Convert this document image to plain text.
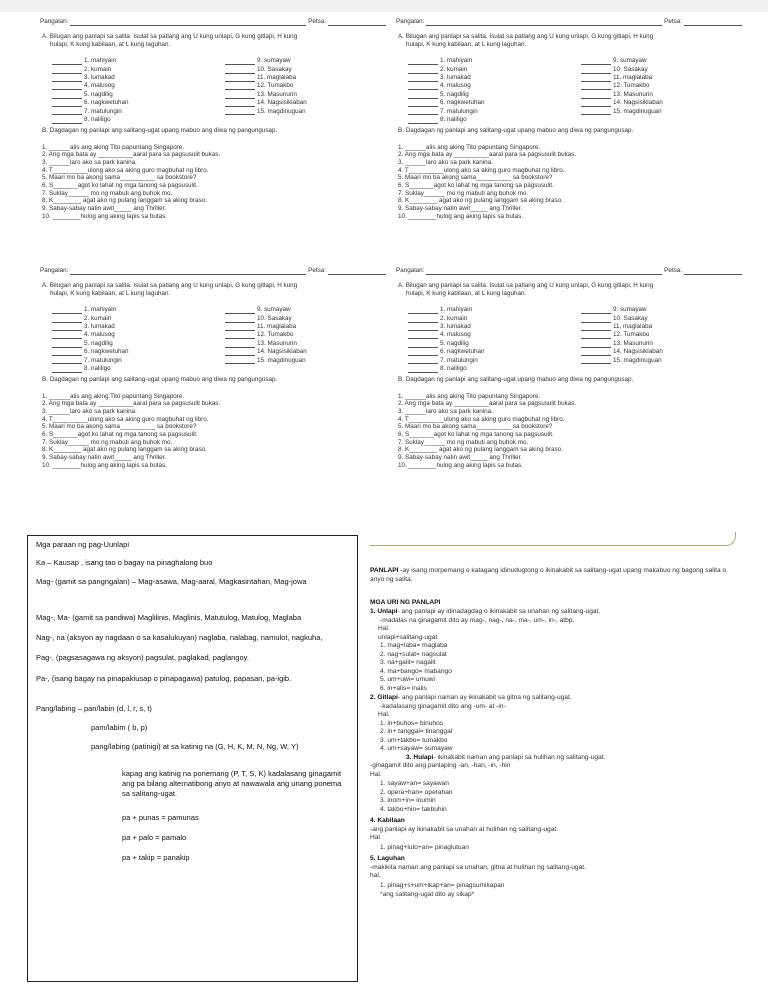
Pangalan:	Petsa:
A. Bilugan ang panlapi sa salita. Isulat sa patlang ang U kung unlapi, G kung gitlapi, H kung
hulapi, K kung kabilaan, at L kung laguhan.
1. mahiyain
2. kumain
3. lumakad
4. malusog
5. nagdilig
6. nagkwetuhan
7. matulungin
8. naliligo
9. sumayaw
10. Sasakay
11. maglalaba
12. Tumakbo
13. Masunurin
14. Nagsisiklaban
15. magdinuguan
B. Dagdagan ng panlapi ang salitang-ugat upang mabuo ang diwa ng pangungusap.
1. ______alis ang aking Tito papuntang Singapore.
2. Ang mga bata ay __________aaral para sa pagsusulit bukas.
3. ______laro ako sa park kanina.
4. T__________ulong ako sa aking guro magbuhat ng libro.
5. Maari mo ba akong sama__________ sa bookstore?
6. S_______agot ko lahat ng mga tanong sa pagsusulit.
7. Suklay______ mo ng mabuti ang buhok mo.
8. K________ agat ako ng pulang langgam sa aking braso.
9. Sabay-sabay natin awit_____ ang Thriller.
10. ________hulog ang aking lapis sa butas.
Pangalan:	Petsa:
A. Bilugan ang panlapi sa salita. Isulat sa patlang ang U kung unlapi, G kung gitlapi, H kung
hulapi, K kung kabilaan, at L kung laguhan.
1. mahiyain
2. kumain
3. lumakad
4. malusog
5. nagdilig
6. nagkwetuhan
7. matulungin
8. naliligo
9. sumayaw
10. Sasakay
11. maglalaba
12. Tumakbo
13. Masunurin
14. Nagsisiklaban
15. magdinuguan
B. Dagdagan ng panlapi ang salitang-ugat upang mabuo ang diwa ng pangungusap.
1. ______alis ang aking Tito papuntang Singapore.
2. Ang mga bata ay __________aaral para sa pagsusulit bukas.
3. ______laro ako sa park kanina.
4. T__________ulong ako sa aking guro magbuhat ng libro.
5. Maari mo ba akong sama__________ sa bookstore?
6. S_______agot ko lahat ng mga tanong sa pagsusulit.
7. Suklay______ mo ng mabuti ang buhok mo.
8. K________ agat ako ng pulang langgam sa aking braso.
9. Sabay-sabay natin awit_____ ang Thriller.
10. ________hulog ang aking lapis sa butas.
Pangalan:	Petsa:
A. Bilugan ang panlapi sa salita. Isulat sa patlang ang U kung unlapi, G kung gitlapi, H kung
hulapi, K kung kabilaan, at L kung laguhan.
1. mahiyain
2. kumain
3. lumakad
4. malusog
5. nagdilig
6. nagkwetuhan
7. matulungin
8. naliligo
9. sumayaw
10. Sasakay
11. maglalaba
12. Tumakbo
13. Masunurin
14. Nagsisiklaban
15. magdinuguan
B. Dagdagan ng panlapi ang salitang-ugat upang mabuo ang diwa ng pangungusap.
1. ______alis ang aking Tito papuntang Singapore.
2. Ang mga bata ay __________aaral para sa pagsusulit bukas.
3. ______laro ako sa park kanina.
4. T__________ulong ako sa aking guro magbuhat ng libro.
5. Maari mo ba akong sama__________ sa bookstore?
6. S_______agot ko lahat ng mga tanong sa pagsusulit.
7. Suklay______ mo ng mabuti ang buhok mo.
8. K________ agat ako ng pulang langgam sa aking braso.
9. Sabay-sabay natin awit_____ ang Thriller.
10. ________hulog ang aking lapis sa butas.
Pangalan:	Petsa:
A. Bilugan ang panlapi sa salita. Isulat sa patlang ang U kung unlapi, G kung gitlapi, H kung
hulapi, K kung kabilaan, at L kung laguhan.
1. mahiyain
2. kumain
3. lumakad
4. malusog
5. nagdilig
6. nagkwetuhan
7. matulungin
8. naliligo
9. sumayaw
10. Sasakay
11. maglalaba
12. Tumakbo
13. Masunurin
14. Nagsisiklaban
15. magdinuguan
B. Dagdagan ng panlapi ang salitang-ugat upang mabuo ang diwa ng pangungusap.
1. ______alis ang aking Tito papuntang Singapore.
2. Ang mga bata ay __________aaral para sa pagsusulit bukas.
3. ______laro ako sa park kanina.
4. T__________ulong ako sa aking guro magbuhat ng libro.
5. Maari mo ba akong sama__________ sa bookstore?
6. S_______agot ko lahat ng mga tanong sa pagsusulit.
7. Suklay______ mo ng mabuti ang buhok mo.
8. K________ agat ako ng pulang langgam sa aking braso.
9. Sabay-sabay natin awit_____ ang Thriller.
10. ________hulog ang aking lapis sa butas.
Mga paraan ng pag-Uunlapi
Ka – Kausap , isang tao o bagay na pinaghalong buo
Mag- (gamit sa pangngalan) – Mag-asawa, Mag-aaral, Magkasintahan, Mag-jowa
Mag-, Ma- (gamit sa pandiwa) Maglilinis, Maglinis, Matutulog, Matulog, Maglaba
Nag-, na (aksyon ay nagdaan o sa kasalukuyan) naglaba, nalabag, namulot, nagkuha,
Pag-, (pagsasagawa ng aksyon) pagsulat, paglakad, paglangoy.
Pa-, (isang bagay na pinapakiusap o pinapagawa) patulog, papasan, pa-igib.
Pang/labing – pan/labin (d, l, r, s, t)
pam/labim ( b, p)
pang/labing (patinigi) at sa katinig na (G, H, K, M, N, Ng, W, Y)
kapag ang katinig na ponemang (P, T, S, K) kadalasang ginagamit ang pa bilang alternatibong anyo at nawawala ang unang ponema sa salitang-ugat.
pa + punas = pamunas
pa + palo = pamalo
pa + takip = panakip
PANLAPI -ay isang morpemang o katagang idinudugtong o ikinakabit sa salitang-ugat upang makabuo ng bagong salita o anyo ng salita.
MGA URI NG PANLAPI
1. Unlapi- ang panlapi ay idinadagdag o ikinakabit sa unahan ng salitang-ugat.
-madalas na ginagamit dito ay mag-, nag-, na-, ma-, um-, in-, atbp.
Hal.
unlapi+salitang-ugat
1. mag+laba= maglaba
2. nag+sulat= nagsulat
3. na+galit= nagalit
4. ma+bango= mabango
5. um+uwi= umuwi
6. in+alis= inalis
2. Gitlapi- ang panlapi naman ay ikinakabit sa gitna ng salitang-ugat.
-kadalasang ginagamit dito ang -um- at -in-
Hal.
1. in+buhos= binuhos
2. in+ tanggal= tinanggal
3. um+takbo= tumakbo
4. um+sayaw= sumayaw
3. Hulapi- ikinakabit naman ang panlapi sa hulihan ng salitang-ugat.
-ginagamit dito ang panlaping -an, -han, -in, -hin
Hal.
1. sayaw+an= sayawan
2. opera+han= operahan
3. inom+in= inumin
4. takbo+hin= takbuhin
4. Kabilaan
-ang panlapi ay ikinakabit sa unahan at hulihan ng salitang-ugat.
Hal.
1. pinag+luto+an= pinaglutuan
5. Laguhan
-makikita naman ang panlapi sa unahan, gitna at hulihan ng salitang-ugat.
hal.
1. pinag+s+um+ikap+an= pinagsumikapan
*ang salitang-ugat dito ay sikap*
